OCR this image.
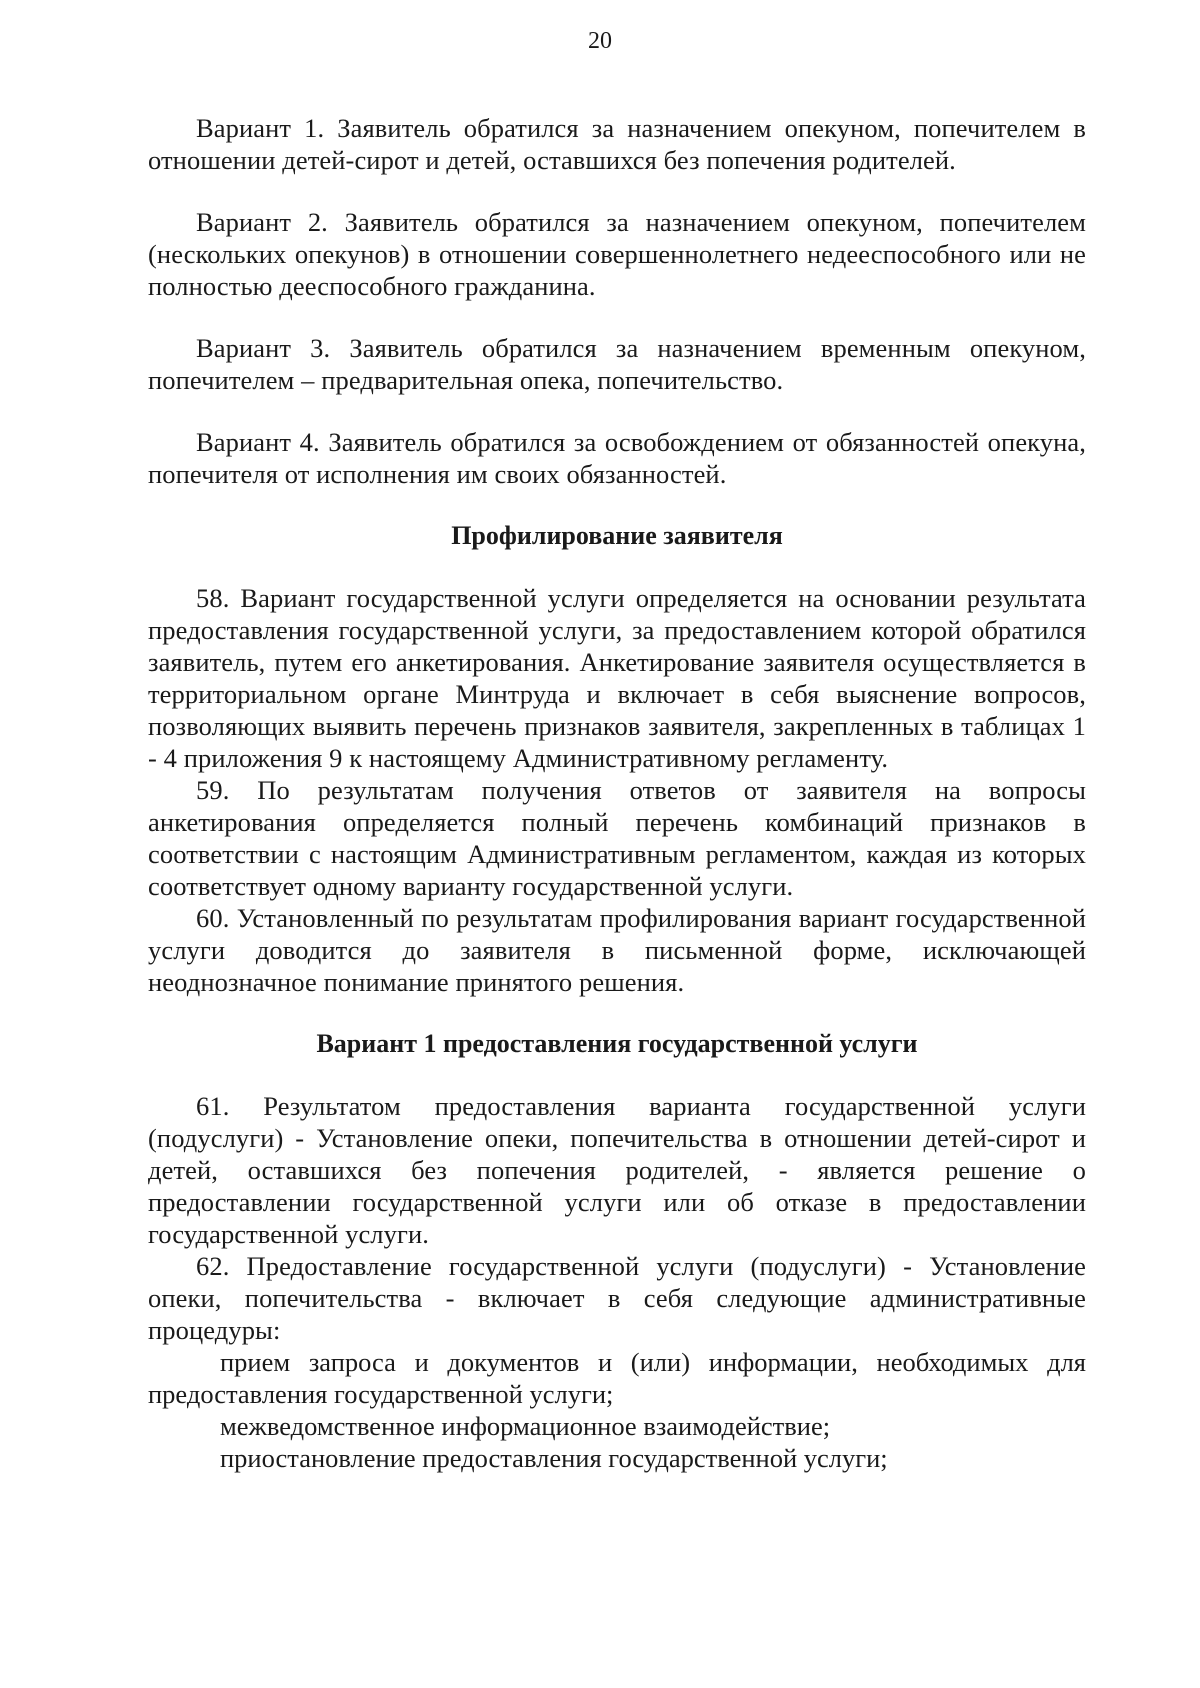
20

Вариант 1. Заявитель обратился за назначением опекуном, попечителем в отношении детей-сирот и детей, оставшихся без попечения родителей.

Вариант 2. Заявитель обратился за назначением опекуном, попечителем (нескольких опекунов) в отношении совершеннолетнего недееспособного или не полностью дееспособного гражданина.

Вариант 3. Заявитель обратился за назначением временным опекуном, попечителем – предварительная опека, попечительство.

Вариант 4. Заявитель обратился за освобождением от обязанностей опекуна, попечителя от исполнения им своих обязанностей.

Профилирование заявителя

58. Вариант государственной услуги определяется на основании результата предоставления государственной услуги, за предоставлением которой обратился заявитель, путем его анкетирования. Анкетирование заявителя осуществляется в территориальном органе Минтруда и включает в себя выяснение вопросов, позволяющих выявить перечень признаков заявителя, закрепленных в таблицах 1 - 4 приложения 9 к настоящему Административному регламенту.

59. По результатам получения ответов от заявителя на вопросы анкетирования определяется полный перечень комбинаций признаков в соответствии с настоящим Административным регламентом, каждая из которых соответствует одному варианту государственной услуги.

60. Установленный по результатам профилирования вариант государственной услуги доводится до заявителя в письменной форме, исключающей неоднозначное понимание принятого решения.

Вариант 1 предоставления государственной услуги

61. Результатом предоставления варианта государственной услуги (подуслуги) - Установление опеки, попечительства в отношении детей-сирот и детей, оставшихся без попечения родителей, - является решение о предоставлении государственной услуги или об отказе в предоставлении государственной услуги.

62. Предоставление государственной услуги (подуслуги) - Установление опеки, попечительства - включает в себя следующие административные процедуры:

прием запроса и документов и (или) информации, необходимых для предоставления государственной услуги;

межведомственное информационное взаимодействие;

приостановление предоставления государственной услуги;
